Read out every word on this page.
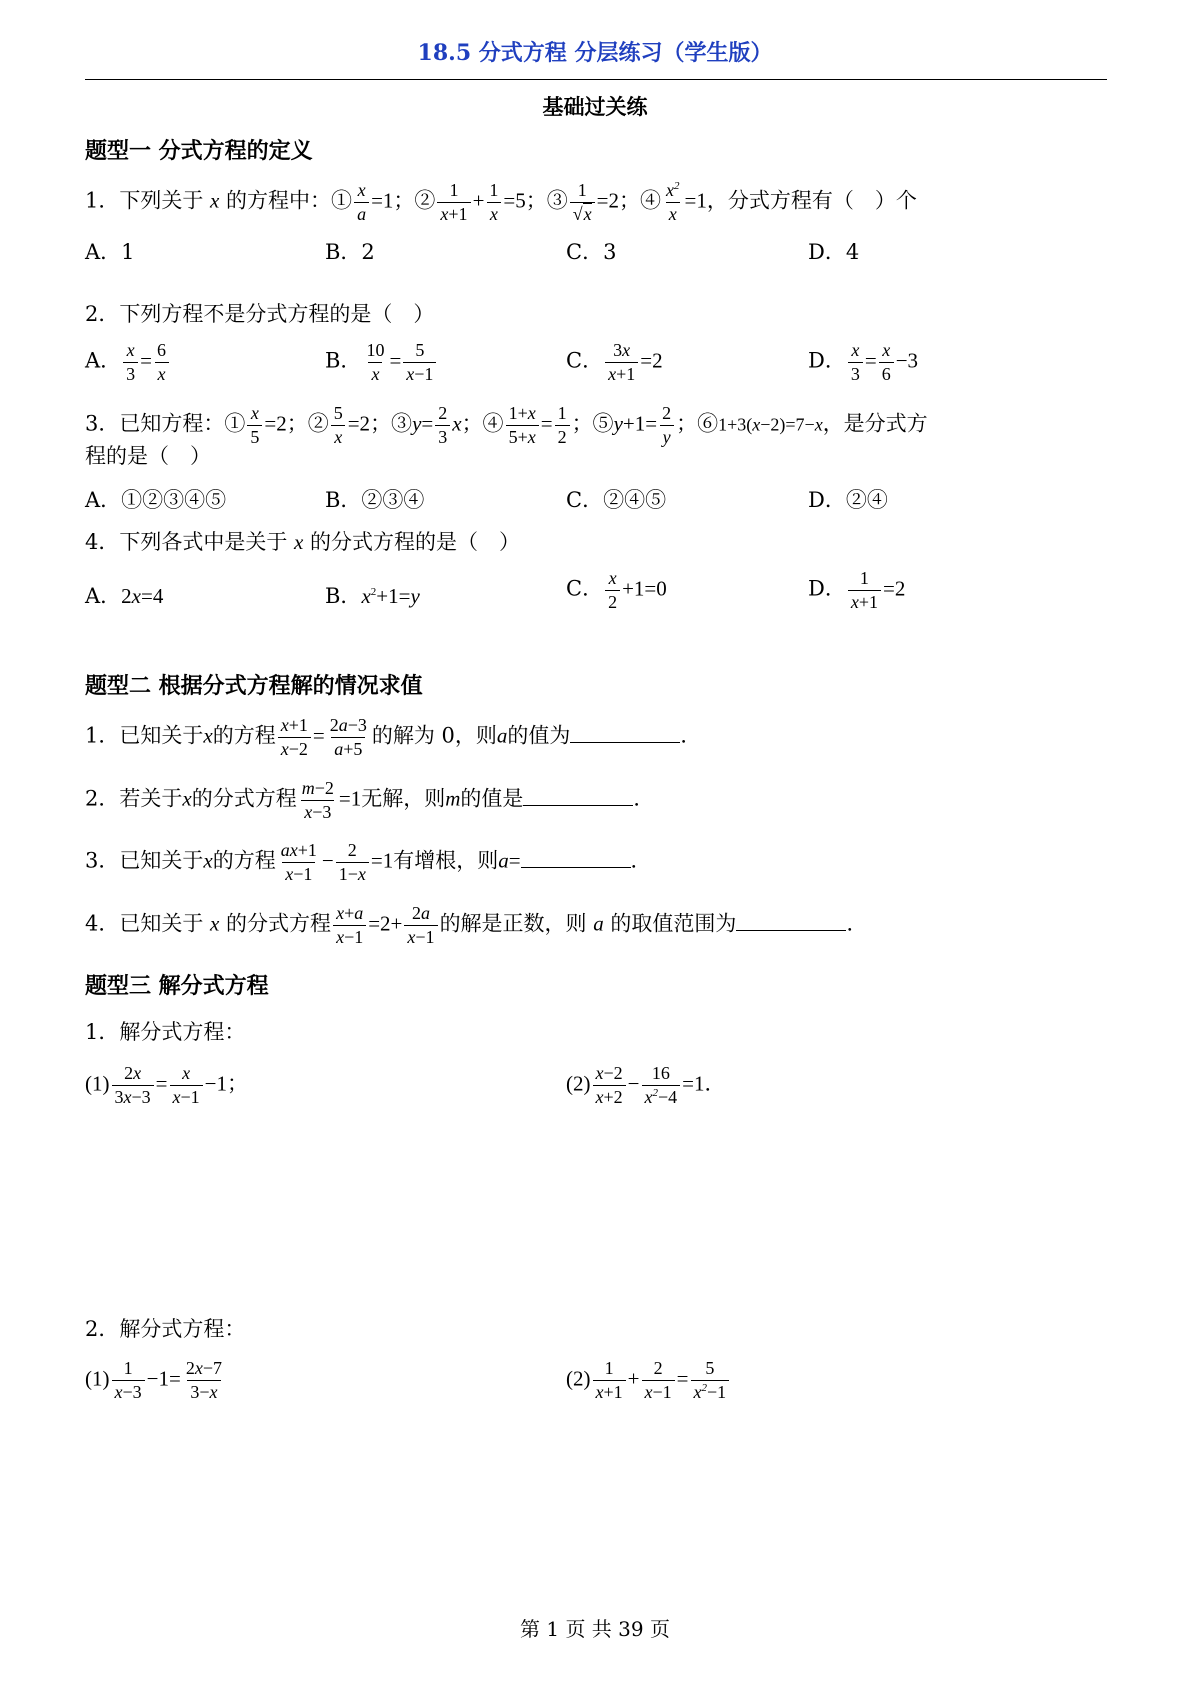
18.5 分式方程 分层练习（学生版）
基础过关练
题型一 分式方程的定义
1．下列关于 x 的方程中：① $\frac{x}{a} =1$；② $\frac{1}{x+1} + \frac{1}{x} =5$；③ $\frac{1}{√x} =2$；④ $\frac{x^2}{x} =1$，分式方程有（　）个
A．1	B．2	C．3	D．4
2．下列方程不是分式方程的是（　）
A． $\frac{x}{3} = \frac{6}{x}$	B． $\frac{10}{x} = \frac{5}{x-1}$	C． $\frac{3x}{x+1} =2$	D． $\frac{x}{3} = \frac{x}{6} -3$
3．已知方程：① $\frac{x}{5} =2$；② $\frac{5}{x} =2$；③y= $\frac{2}{3}$ x；④ $\frac{1+x}{5+x} = \frac{1}{2}$ ；⑤y+1= $\frac{2}{y}$ ；⑥1+3(x−2)=7−x，是分式方
程的是（　）
A．①②③④⑤	B．②③④	C．②④⑤	D．②④
4．下列各式中是关于 x 的分式方程的是（　）
A．2x=4	B．$x^2+1=y$	C． $\frac{x}{2} +1=0$	D． $\frac{1}{x+1} =2$
题型二 根据分式方程解的情况求值
1．已知关于x的方程 $\frac{x+1}{x-2} = \frac{2a-3}{a+5}$ 的解为 0，则a的值为	．
2．若关于x的分式方程 $\frac{m-2}{x-3} =1$无解，则m的值是	．
3．已知关于x的方程 $\frac{ax+1}{x-1} - \frac{2}{1-x} =1$有增根，则a=	．
4．已知关于 x 的分式方程 $\frac{x+a}{x-1} =2+ \frac{2a}{x-1}$ 的解是正数，则 a 的取值范围为	．
题型三 解分式方程
1．解分式方程：
$(1) \frac{2x}{3x-3} = \frac{x}{x-1} -1$；	$(2) \frac{x-2}{x+2} - \frac{16}{x^2-4} =1$．
2．解分式方程：
$(1) \frac{1}{x-3} -1= \frac{2x-7}{3-x}$	$(2) \frac{1}{x+1} + \frac{2}{x-1} = \frac{5}{x^2-1}$
第 1 页 共 39 页
